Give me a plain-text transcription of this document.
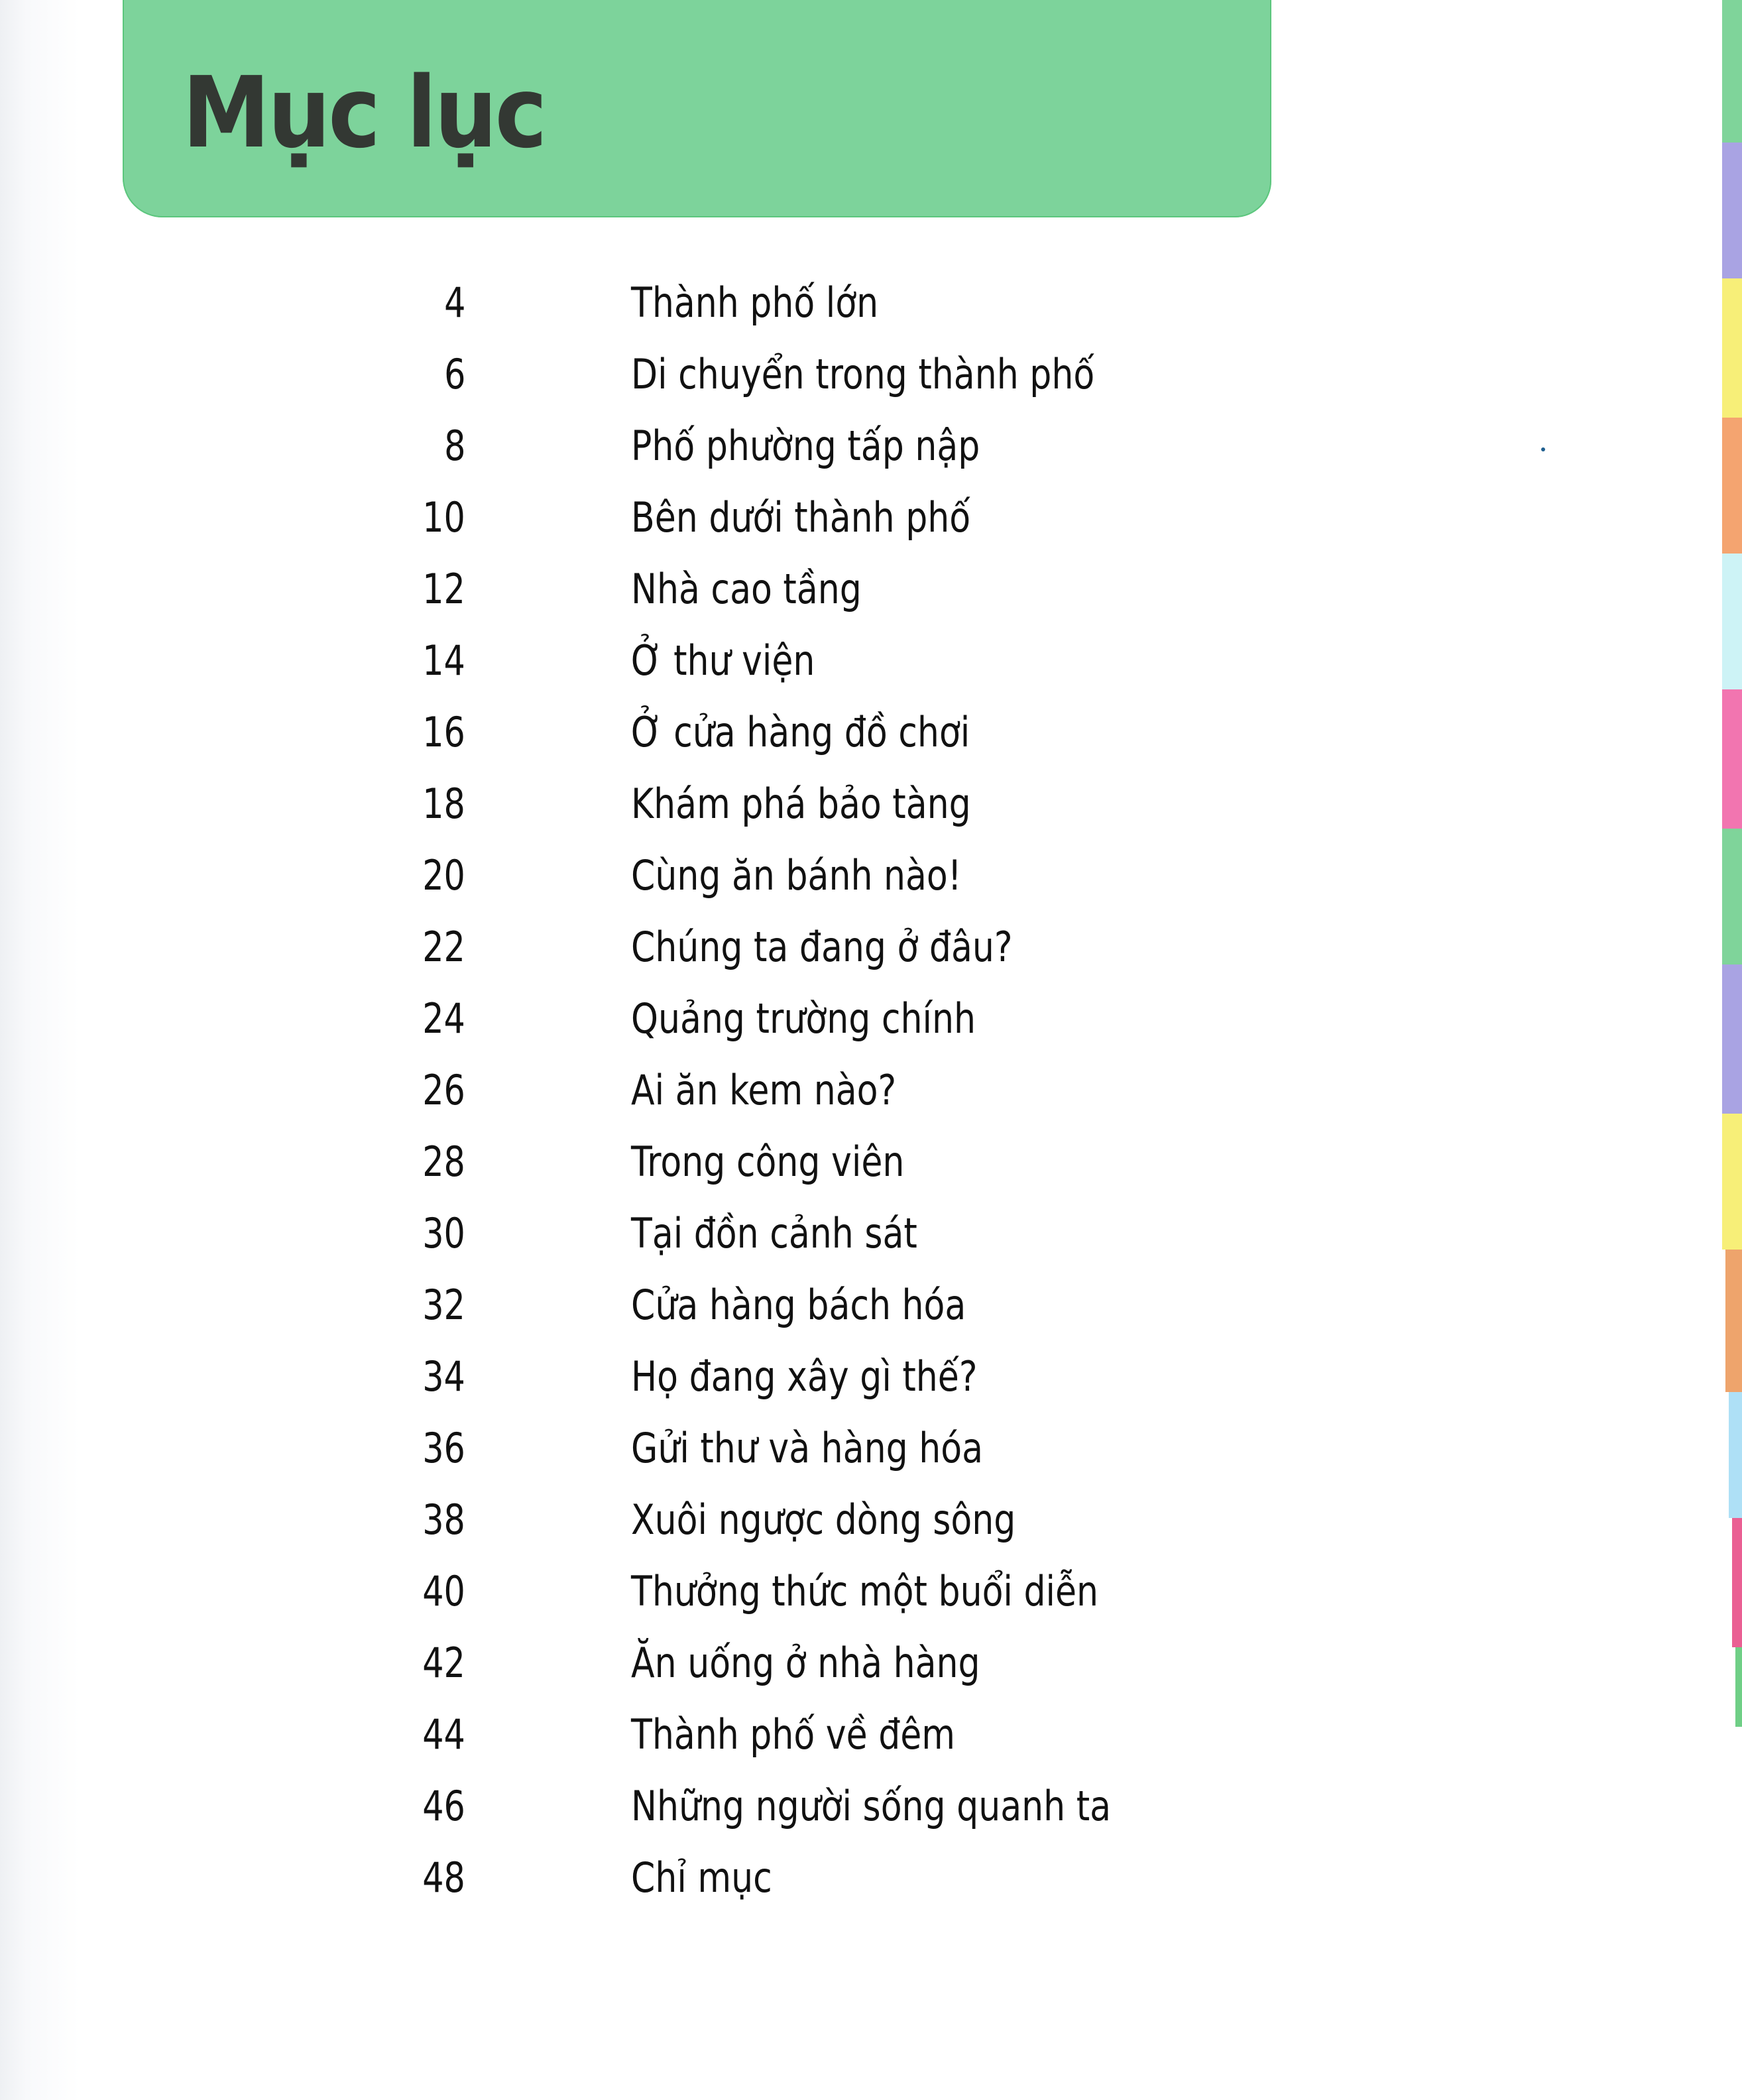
Mục lục
4	Thành phố lớn
6	Di chuyển trong thành phố
8	Phố phường tấp nập
10	Bên dưới thành phố
12	Nhà cao tầng
14	Ở thư viện
16	Ở cửa hàng đồ chơi
18	Khám phá bảo tàng
20	Cùng ăn bánh nào!
22	Chúng ta đang ở đâu?
24	Quảng trường chính
26	Ai ăn kem nào?
28	Trong công viên
30	Tại đồn cảnh sát
32	Cửa hàng bách hóa
34	Họ đang xây gì thế?
36	Gửi thư và hàng hóa
38	Xuôi ngược dòng sông
40	Thưởng thức một buổi diễn
42	Ăn uống ở nhà hàng
44	Thành phố về đêm
46	Những người sống quanh ta
48	Chỉ mục
